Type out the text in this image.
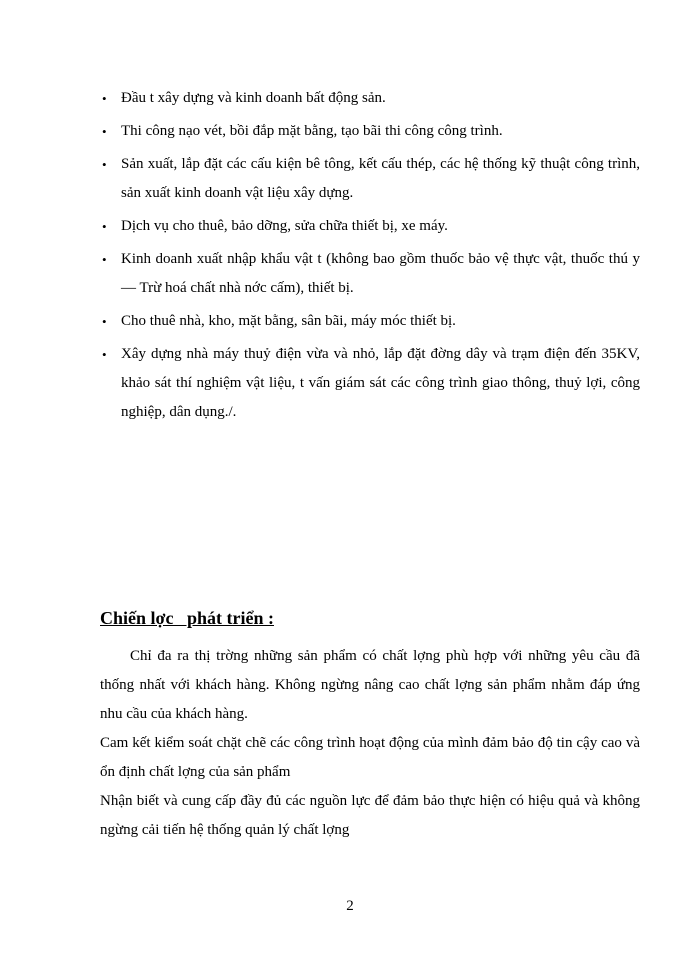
• Đầu t xây dựng và kinh doanh bất động sản.
• Thi công nạo vét, bồi đắp mặt bằng, tạo bãi thi công công trình.
• Sản xuất, lắp đặt các cấu kiện bê tông, kết cấu thép, các hệ thống kỹ thuật công trình, sản xuất kinh doanh vật liệu xây dựng.
• Dịch vụ cho thuê, bảo dỡng, sửa chữa thiết bị, xe máy.
• Kinh doanh xuất nhập khẩu vật t (không bao gồm thuốc bảo vệ thực vật, thuốc thú y — Trừ hoá chất nhà nớc cấm), thiết bị.
• Cho thuê nhà, kho, mặt bằng, sân bãi, máy móc thiết bị.
• Xây dựng nhà máy thuỷ điện vừa và nhỏ, lắp đặt đờng dây và trạm điện đến 35KV, khảo sát thí nghiệm vật liệu, t vấn giám sát các công trình giao thông, thuỷ lợi, công nghiệp, dân dụng./.
Chiến lợc   phát triển :

Chỉ đa ra thị trờng những sản phẩm có chất lợng phù hợp với những yêu cầu đã thống nhất với khách hàng. Không ngừng nâng cao chất lợng sản phẩm nhằm đáp ứng nhu cầu của khách hàng.

Cam kết kiểm soát chặt chẽ các công trình hoạt động của mình đảm bảo độ tin cậy cao và ổn định chất lợng của sản phẩm

Nhận biết và cung cấp đầy đủ các nguồn lực để đảm bảo thực hiện có hiệu quả và không ngừng cải tiến hệ thống quản lý chất lợng

2
